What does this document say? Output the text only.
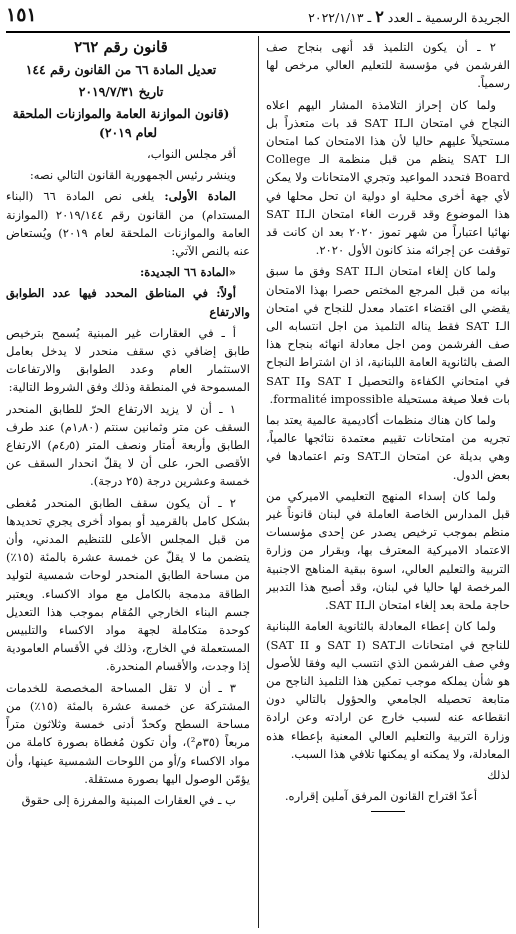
الجريدة الرسمية ـ العدد ٢ ـ ٢٠٢٢/١/١٣
١٥١

٢ ـ أن يكون التلميذ قد أنهى بنجاح صف الفرشمن في مؤسسة للتعليم العالي مرخص لها رسمياً.

ولما كان إحراز التلامذة المشار اليهم اعلاه النجاح في امتحان الـSAT II قد بات متعذراً بل مستحيلاً عليهم حاليا لأن هذا الامتحان كما امتحان الـSAT I ينظم من قبل منظمة الـ College Board فتحدد المواعيد وتجري الامتحانات ولا يمكن لأي جهة أخرى محلية او دولية ان تحل محلها في هذا الموضوع وقد قررت الغاء امتحان الـSAT II نهائيا اعتباراً من شهر تموز ٢٠٢٠ بعد ان كانت قد توقفت عن إجرائه منذ كانون الأول ٢٠٢٠.

ولما كان إلغاء امتحان الـSAT II وفق ما سبق بيانه من قبل المرجع المختص حصرا بهذا الامتحان يقضي الى اقتضاء اعتماد معدل للنجاح في امتحان الـSAT I فقط يناله التلميذ من اجل انتسابه الى صف الفرشمن ومن اجل معادلة انهائه بنجاح هذا الصف بالثانوية العامة اللبنانية، اذ ان اشتراط النجاح في امتحاني الكفاءة والتحصيل SAT I وSAT II بات فعلا صيغة مستحيلة formalité impossible.

ولما كان هناك منظمات أكاديمية عالمية يعتد بما تجريه من امتحانات تقييم معتمدة نتائجها عالمياً، وهي بديلة عن امتحان الـSAT وتم اعتمادها في بعض الدول.

ولما كان إسداء المنهج التعليمي الاميركي من قبل المدارس الخاصة العاملة في لبنان قانوناً غير منظم بموجب ترخيص يصدر عن إحدى مؤسسات الاعتماد الاميركية المعترف بها، وبقرار من وزارة التربية والتعليم العالي، اسوة ببقية المناهج الاجنبية المرخصة لها حاليا في لبنان، وقد أصبح هذا التدبير حاجة ملحة بعد إلغاء امتحان الـSAT II.

ولما كان إعطاء المعادلة بالثانوية العامة اللبنانية للناجح في امتحانات الـSAT I) SAT و SAT II) وفي صف الفرشمن الذي انتسب اليه وفقا للأصول هو شأن يملكه موجب تمكين هذا التلميذ الناجح من متابعة تحصيله الجامعي والحؤول بالتالي دون انقطاعه عنه لسبب خارج عن ارادته وعن ارادة وزارة التربية والتعليم العالي المعنية بإعطاء هذه المعادلة، ولا يمكنه او يمكنها تلافي هذا السبب.

لذلك

أعدّ اقتراح القانون المرفق آملين إقراره.

قانون رقم ٢٦٢

تعديل المادة ٦٦ من القانون رقم ١٤٤

تاريخ ٢٠١٩/٧/٣١

(قانون الموازنة العامة والموازنات الملحقة لعام ٢٠١٩)

أقر مجلس النواب،

وينشر رئيس الجمهورية القانون التالي نصه:

المادة الأولى: يلغى نص المادة ٦٦ (البناء المستدام) من القانون رقم ٢٠١٩/١٤٤ (الموازنة العامة والموازنات الملحقة لعام ٢٠١٩) ويُستعاض عنه بالنص الآتي:

«المادة ٦٦ الجديدة:

أولاً: في المناطق المحدد فيها عدد الطوابق والارتفاع

أ ـ في العقارات غير المبنية يُسمح بترخيص طابق إضافي ذي سقف منحدر لا يدخل بعامل الاستثمار العام وعدد الطوابق والارتفاعات المسموحة في المنطقة وذلك وفق الشروط التالية:

١ ـ أن لا يزيد الارتفاع الحرّ للطابق المنحدر السقف عن متر وثمانين سنتم (١٫٨٠م) عند طرف الطابق وأربعة أمتار ونصف المتر (٤٫٥م) الارتفاع الأقصى الحر، على أن لا يقلّ انحدار السقف عن خمسة وعشرين درجة (٢٥ درجة).

٢ ـ أن يكون سقف الطابق المنحدر مُغطى بشكل كامل بالقرميد أو بمواد أخرى يجري تحديدها من قبل المجلس الأعلى للتنظيم المدني، وأن يتضمن ما لا يقلّ عن خمسة عشرة بالمئة (١٥٪) من مساحة الطابق المنحدر لوحات شمسية لتوليد الطاقة مدمجة بالكامل مع مواد الاكساء. ويعتبر جسم البناء الخارجي المُقام بموجب هذا التعديل كوحدة متكاملة لجهة مواد الاكساء والتلبيس المستعملة في الخارج، وذلك في الأقسام العامودية إذا وجدت، والأقسام المنحدرة.

٣ ـ أن لا تقل المساحة المخصصة للخدمات المشتركة عن خمسة عشرة بالمئة (١٥٪) من مساحة السطح وكحدّ أدنى خمسة وثلاثون متراً مربعاً (٣٥م²)، وأن تكون مُغطاة بصورة كاملة من مواد الاكساء و/أو من اللوحات الشمسية عينها، وأن يؤمّن الوصول اليها بصورة مستقلة.

ب ـ في العقارات المبنية والمفرزة إلى حقوق
